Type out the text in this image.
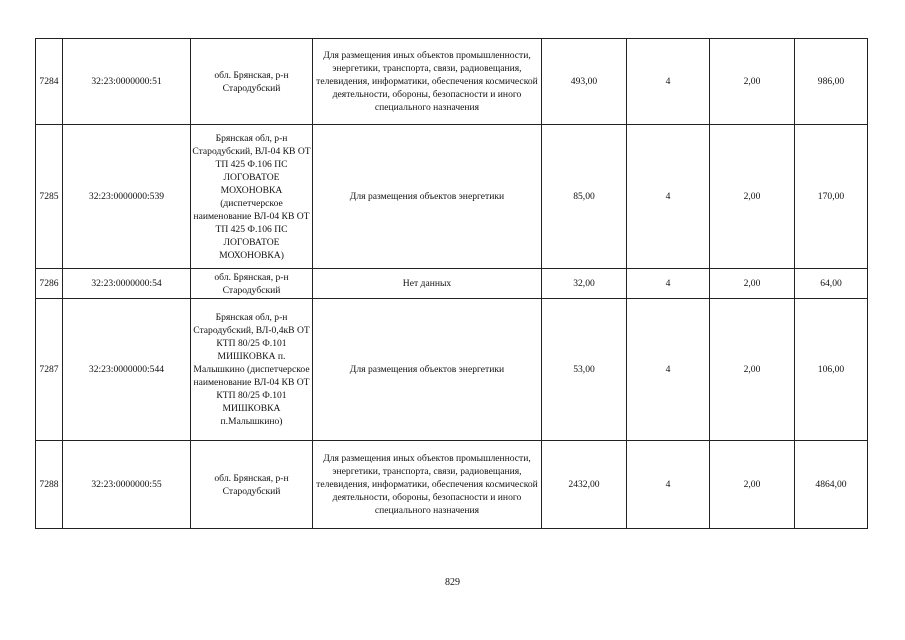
7284	32:23:0000000:51	обл. Брянская, р-н Стародубский	Для размещения иных объектов промышленности, энергетики, транспорта, связи, радиовещания, телевидения, информатики, обеспечения космической деятельности, обороны, безопасности и иного специального назначения	493,00	4	2,00	986,00
7285	32:23:0000000:539	Брянская обл, р-н Стародубский, ВЛ-04 КВ ОТ ТП 425 Ф.106 ПС ЛОГОВАТОЕ МОХОНОВКА (диспетчерское наименование ВЛ-04 КВ ОТ ТП 425 Ф.106 ПС ЛОГОВАТОЕ МОХОНОВКА)	Для размещения объектов энергетики	85,00	4	2,00	170,00
7286	32:23:0000000:54	обл. Брянская, р-н Стародубский	Нет данных	32,00	4	2,00	64,00
7287	32:23:0000000:544	Брянская обл, р-н Стародубский, ВЛ-0,4кВ ОТ КТП 80/25 Ф.101 МИШКОВКА п. Малышкино (диспетчерское наименование ВЛ-04 КВ ОТ КТП 80/25 Ф.101 МИШКОВКА п.Малышкино)	Для размещения объектов энергетики	53,00	4	2,00	106,00
7288	32:23:0000000:55	обл. Брянская, р-н Стародубский	Для размещения иных объектов промышленности, энергетики, транспорта, связи, радиовещания, телевидения, информатики, обеспечения космической деятельности, обороны, безопасности и иного специального назначения	2432,00	4	2,00	4864,00
829
